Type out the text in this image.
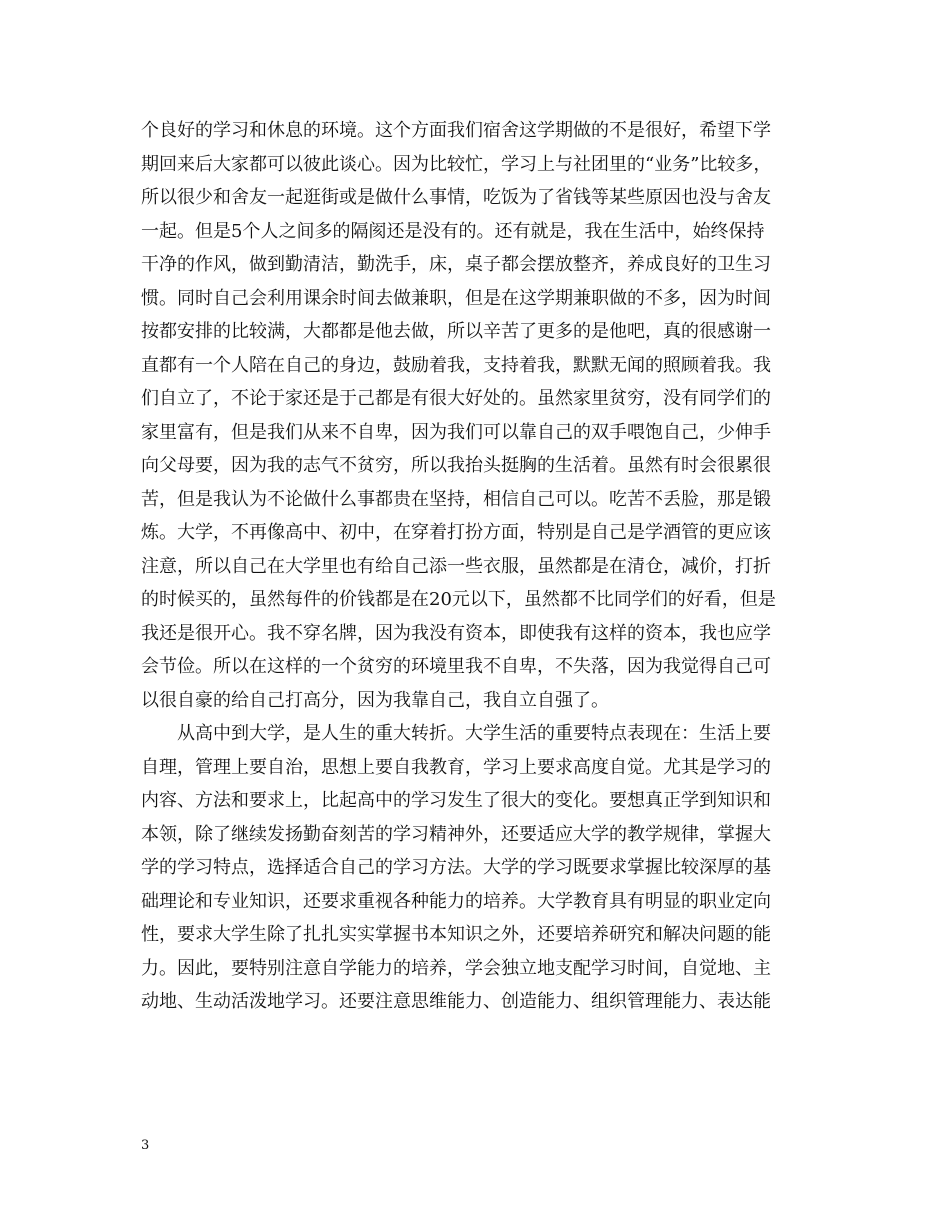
个良好的学习和休息的环境。这个方面我们宿舍这学期做的不是很好，希望下学
期回来后大家都可以彼此谈心。因为比较忙，学习上与社团里的“业务”比较多，
所以很少和舍友一起逛街或是做什么事情，吃饭为了省钱等某些原因也没与舍友
一起。但是5个人之间多的隔阂还是没有的。还有就是，我在生活中，始终保持
干净的作风，做到勤清洁，勤洗手，床，桌子都会摆放整齐，养成良好的卫生习
惯。同时自己会利用课余时间去做兼职，但是在这学期兼职做的不多，因为时间
按都安排的比较满，大都都是他去做，所以辛苦了更多的是他吧，真的很感谢一
直都有一个人陪在自己的身边，鼓励着我，支持着我，默默无闻的照顾着我。我
们自立了，不论于家还是于己都是有很大好处的。虽然家里贫穷，没有同学们的
家里富有，但是我们从来不自卑，因为我们可以靠自己的双手喂饱自己，少伸手
向父母要，因为我的志气不贫穷，所以我抬头挺胸的生活着。虽然有时会很累很
苦，但是我认为不论做什么事都贵在坚持，相信自己可以。吃苦不丢脸，那是锻
炼。大学，不再像高中、初中，在穿着打扮方面，特别是自己是学酒管的更应该
注意，所以自己在大学里也有给自己添一些衣服，虽然都是在清仓，减价，打折
的时候买的，虽然每件的价钱都是在20元以下，虽然都不比同学们的好看，但是
我还是很开心。我不穿名牌，因为我没有资本，即使我有这样的资本，我也应学
会节俭。所以在这样的一个贫穷的环境里我不自卑，不失落，因为我觉得自己可
以很自豪的给自己打高分，因为我靠自己，我自立自强了。
　　从高中到大学，是人生的重大转折。大学生活的重要特点表现在：生活上要
自理，管理上要自治，思想上要自我教育，学习上要求高度自觉。尤其是学习的
内容、方法和要求上，比起高中的学习发生了很大的变化。要想真正学到知识和
本领，除了继续发扬勤奋刻苦的学习精神外，还要适应大学的教学规律，掌握大
学的学习特点，选择适合自己的学习方法。大学的学习既要求掌握比较深厚的基
础理论和专业知识，还要求重视各种能力的培养。大学教育具有明显的职业定向
性，要求大学生除了扎扎实实掌握书本知识之外，还要培养研究和解决问题的能
力。因此，要特别注意自学能力的培养，学会独立地支配学习时间，自觉地、主
动地、生动活泼地学习。还要注意思维能力、创造能力、组织管理能力、表达能
3
